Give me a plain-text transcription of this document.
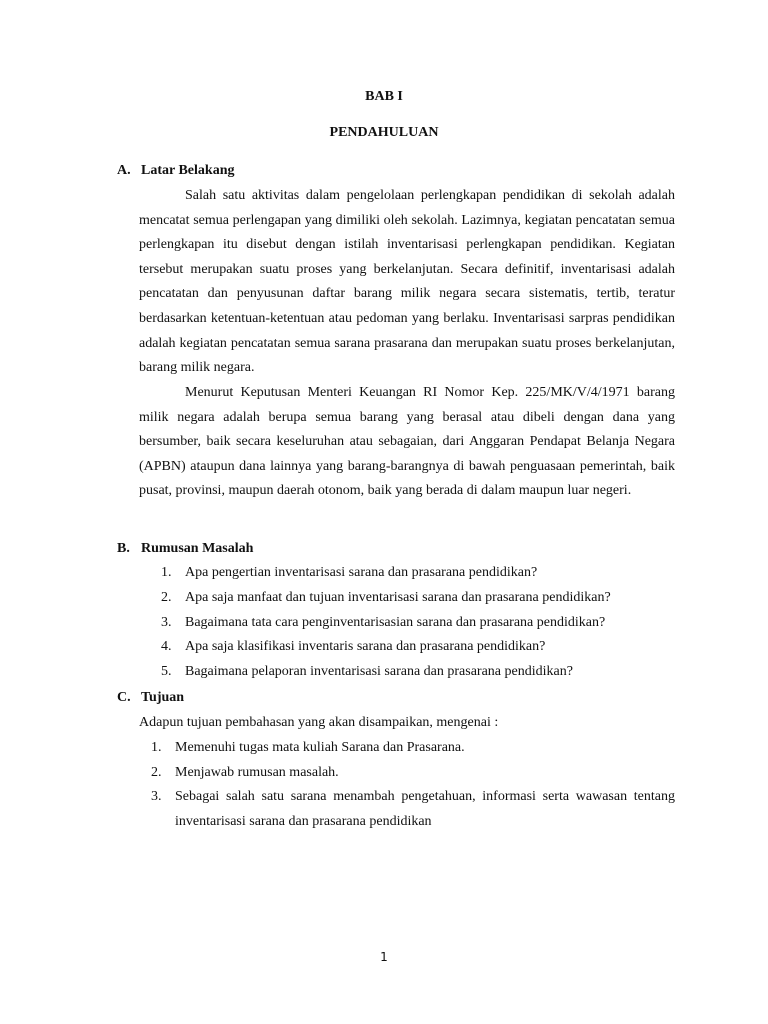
BAB I
PENDAHULUAN
A. Latar Belakang

Salah satu aktivitas dalam pengelolaan perlengkapan pendidikan di sekolah adalah mencatat semua perlengapan yang dimiliki oleh sekolah. Lazimnya, kegiatan pencatatan semua perlengkapan itu disebut dengan istilah inventarisasi perlengkapan pendidikan. Kegiatan tersebut merupakan suatu proses yang berkelanjutan. Secara definitif, inventarisasi adalah pencatatan dan penyusunan daftar barang milik negara secara sistematis, tertib, teratur berdasarkan ketentuan-ketentuan atau pedoman yang berlaku. Inventarisasi sarpras pendidikan adalah kegiatan pencatatan semua sarana prasarana dan merupakan suatu proses berkelanjutan, barang milik negara.

Menurut Keputusan Menteri Keuangan RI Nomor Kep. 225/MK/V/4/1971 barang milik negara adalah berupa semua barang yang berasal atau dibeli dengan dana yang bersumber, baik secara keseluruhan atau sebagaian, dari Anggaran Pendapat Belanja Negara (APBN) ataupun dana lainnya yang barang-barangnya di bawah penguasaan pemerintah, baik pusat, provinsi, maupun daerah otonom, baik yang berada di dalam maupun luar negeri.

B. Rumusan Masalah
1. Apa pengertian inventarisasi sarana dan prasarana pendidikan?
2. Apa saja manfaat dan tujuan inventarisasi sarana dan prasarana pendidikan?
3. Bagaimana tata cara penginventarisasian sarana dan prasarana pendidikan?
4. Apa saja klasifikasi inventaris sarana dan prasarana pendidikan?
5. Bagaimana pelaporan inventarisasi sarana dan prasarana pendidikan?
C. Tujuan
Adapun tujuan pembahasan yang akan disampaikan, mengenai :
1. Memenuhi tugas mata kuliah Sarana dan Prasarana.
2. Menjawab rumusan masalah.
3. Sebagai salah satu sarana menambah pengetahuan, informasi serta wawasan tentang inventarisasi sarana dan prasarana pendidikan
1
